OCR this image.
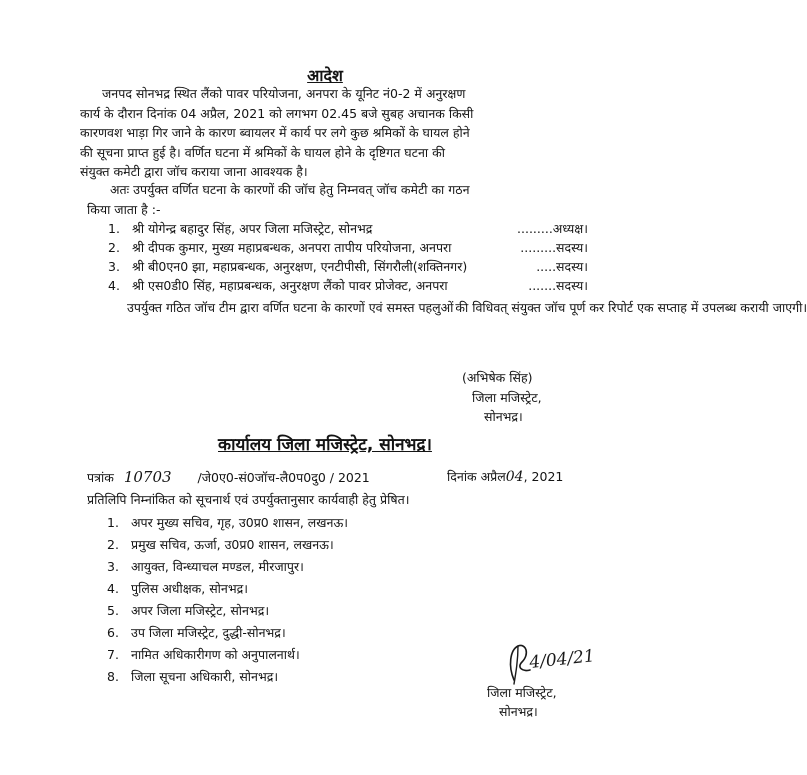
आदेश
जनपद सोनभद्र स्थित लैंको पावर परियोजना, अनपरा के यूनिट नं0-2 में अनुरक्षण
कार्य के दौरान दिनांक 04 अप्रैल, 2021 को लगभग 02.45 बजे सुबह अचानक किसी
कारणवश भाड़ा गिर जाने के कारण ब्वायलर में कार्य पर लगे कुछ श्रमिकों के घायल होने
की सूचना प्राप्त हुई है। वर्णित घटना में श्रमिकों के घायल होने के दृष्टिगत घटना की
संयुक्त कमेटी द्वारा जॉच कराया जाना आवश्यक है।
अतः उपर्युक्त वर्णित घटना के कारणों की जॉच हेतु निम्नवत् जॉच कमेटी का गठन
किया जाता है :-
1. श्री योगेन्द्र बहादुर सिंह, अपर जिला मजिस्ट्रेट, सोनभद्र	.........अध्यक्ष।
2. श्री दीपक कुमार, मुख्य महाप्रबन्धक, अनपरा तापीय परियोजना, अनपरा	.........सदस्य।
3. श्री बी0एन0 झा, महाप्रबन्धक, अनुरक्षण, एनटीपीसी, सिंगरौली(शक्तिनगर)	.....सदस्य।
4. श्री एस0डी0 सिंह, महाप्रबन्धक, अनुरक्षण लैंको पावर प्रोजेक्ट, अनपरा	.......सदस्य।
उपर्युक्त गठित जॉच टीम द्वारा वर्णित घटना के कारणों एवं समस्त पहलुओं की विधिवत् संयुक्त जॉच पूर्ण कर रिपोर्ट एक सप्ताह में उपलब्ध करायी जाएगी।
(अभिषेक सिंह)
जिला मजिस्ट्रेट,
सोनभद्र।
कार्यालय जिला मजिस्ट्रेट, सोनभद्र।
पत्रांक 10703 /जे0ए0-सं0जॉच-लै0प0दु0 / 2021	दिनांक अप्रैल04, 2021
प्रतिलिपि निम्नांकित को सूचनार्थ एवं उपर्युक्तानुसार कार्यवाही हेतु प्रेषित।
1. अपर मुख्य सचिव, गृह, उ0प्र0 शासन, लखनऊ।
2. प्रमुख सचिव, ऊर्जा, उ0प्र0 शासन, लखनऊ।
3. आयुक्त, विन्ध्याचल मण्डल, मीरजापुर।
4. पुलिस अधीक्षक, सोनभद्र।
5. अपर जिला मजिस्ट्रेट, सोनभद्र।
6. उप जिला मजिस्ट्रेट, दुद्धी-सोनभद्र।
7. नामित अधिकारीगण को अनुपालनार्थ।
8. जिला सूचना अधिकारी, सोनभद्र।
4/04/21
जिला मजिस्ट्रेट,
सोनभद्र।
